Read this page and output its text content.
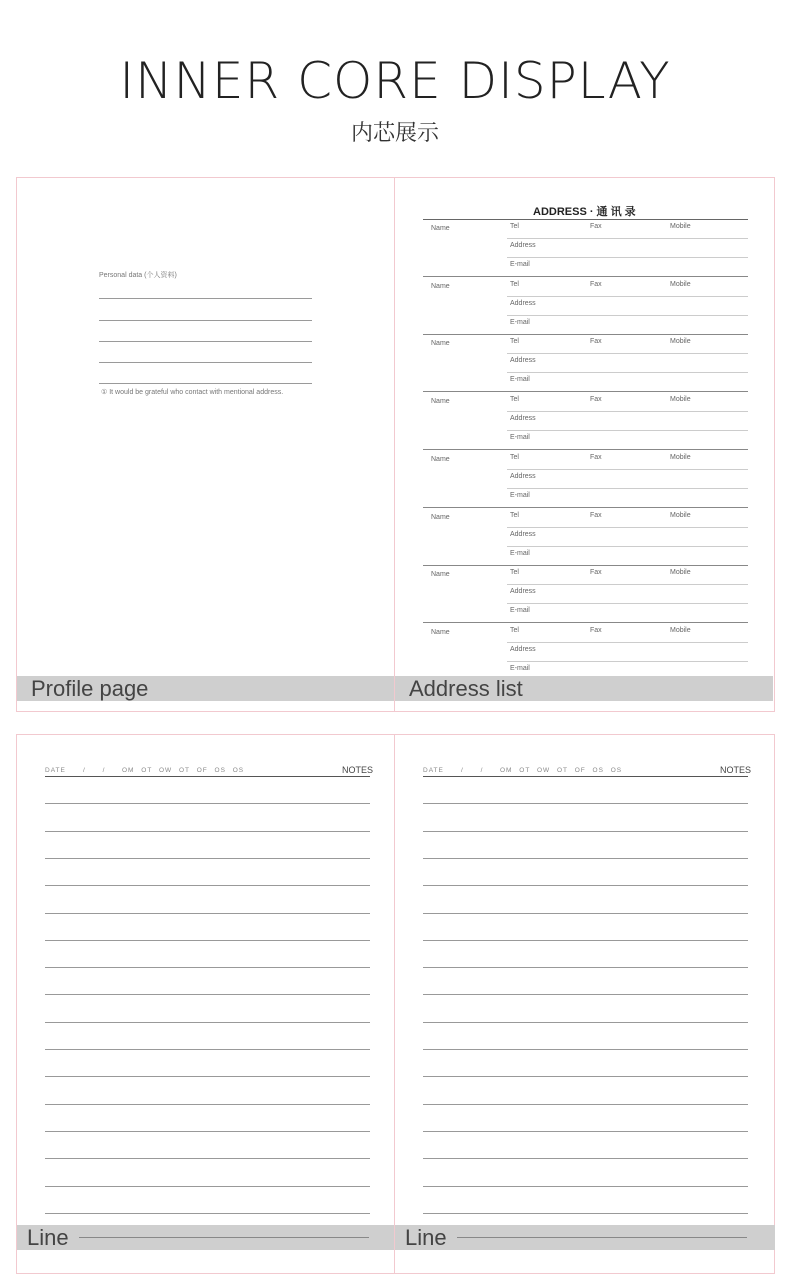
INNER CORE DISPLAY
内芯展示
Personal data (个人资料)
① It would be grateful who contact with mentional address.
Profile page
ADDRESS · 通 讯 录
Name	Tel	Fax	Mobile
Address
E-mail
Name	Tel	Fax	Mobile
Address
E-mail
Name	Tel	Fax	Mobile
Address
E-mail
Name	Tel	Fax	Mobile
Address
E-mail
Name	Tel	Fax	Mobile
Address
E-mail
Name	Tel	Fax	Mobile
Address
E-mail
Name	Tel	Fax	Mobile
Address
E-mail
Name	Tel	Fax	Mobile
Address
E-mail
Address list
DATE	/ /	OM OT OW OT OF OS OS	NOTES
Line
DATE	/ /	OM OT OW OT OF OS OS	NOTES
Line
